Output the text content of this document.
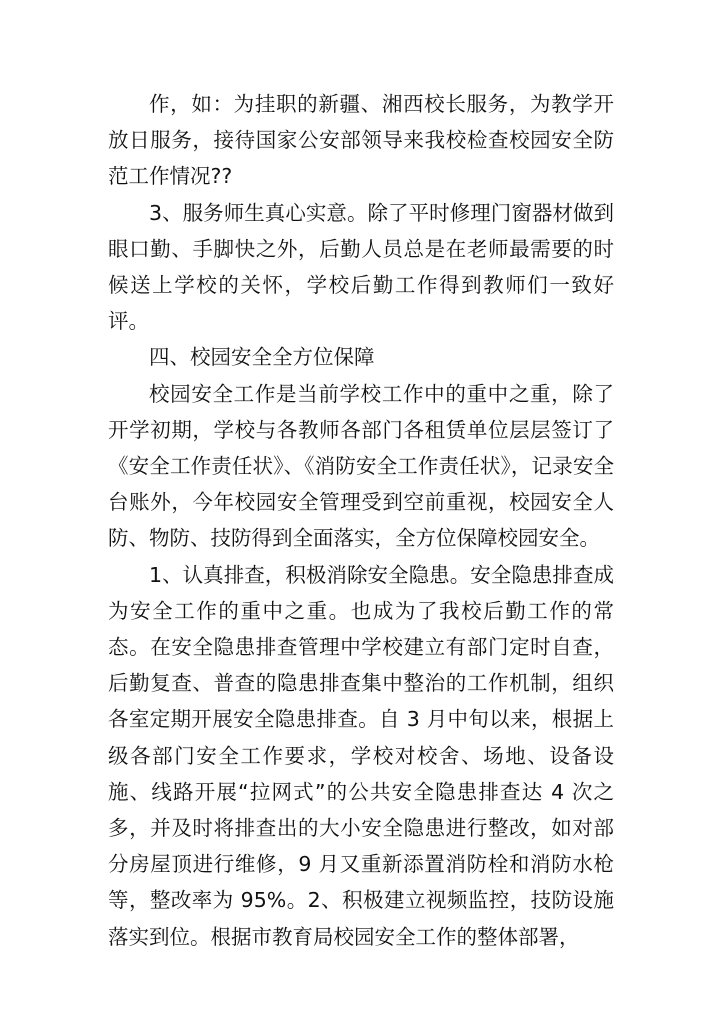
作，如：为挂职的新疆、湘西校长服务，为教学开放日服务，接待国家公安部领导来我校检查校园安全防范工作情况??

3、服务师生真心实意。除了平时修理门窗器材做到眼口勤、手脚快之外，后勤人员总是在老师最需要的时候送上学校的关怀，学校后勤工作得到教师们一致好评。

四、校园安全全方位保障

校园安全工作是当前学校工作中的重中之重，除了开学初期，学校与各教师各部门各租赁单位层层签订了《安全工作责任状》、《消防安全工作责任状》，记录安全台账外，今年校园安全管理受到空前重视，校园安全人防、物防、技防得到全面落实，全方位保障校园安全。

1、认真排查，积极消除安全隐患。安全隐患排查成为安全工作的重中之重。也成为了我校后勤工作的常态。在安全隐患排查管理中学校建立有部门定时自查，后勤复查、普查的隐患排查集中整治的工作机制，组织各室定期开展安全隐患排查。自 3 月中旬以来，根据上级各部门安全工作要求，学校对校舍、场地、设备设施、线路开展“拉网式”的公共安全隐患排查达 4 次之多，并及时将排查出的大小安全隐患进行整改，如对部分房屋顶进行维修，9 月又重新添置消防栓和消防水枪等，整改率为 95%。2、积极建立视频监控，技防设施落实到位。根据市教育局校园安全工作的整体部署，
